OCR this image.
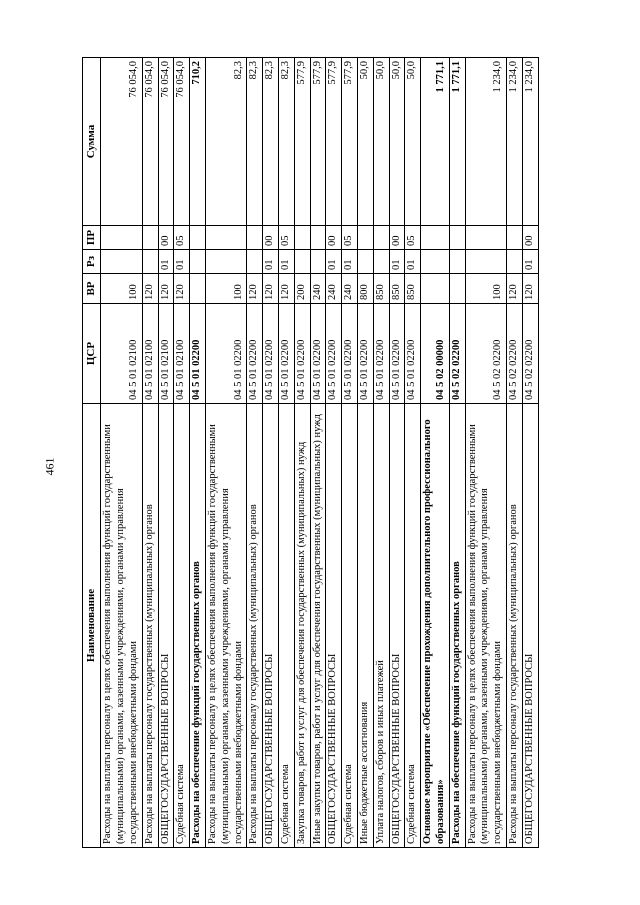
461
Наименование	ЦСР	ВР	Рз	ПР	Сумма
Расходы на выплаты персоналу в целях обеспечения выполнения функций государственными (муниципальными) органами, казенными учреждениями, органами управления государственными внебюджетными фондами	04 5 01 02100	100			76 054,0
Расходы на выплаты персоналу государственных (муниципальных) органов	04 5 01 02100	120			76 054,0
ОБЩЕГОСУДАРСТВЕННЫЕ ВОПРОСЫ	04 5 01 02100	120	01	00	76 054,0
Судебная система	04 5 01 02100	120	01	05	76 054,0
Расходы на обеспечение функций государственных органов	04 5 01 02200				710,2
Расходы на выплаты персоналу в целях обеспечения выполнения функций государственными (муниципальными) органами, казенными учреждениями, органами управления государственными внебюджетными фондами	04 5 01 02200	100			82,3
Расходы на выплаты персоналу государственных (муниципальных) органов	04 5 01 02200	120			82,3
ОБЩЕГОСУДАРСТВЕННЫЕ ВОПРОСЫ	04 5 01 02200	120	01	00	82,3
Судебная система	04 5 01 02200	120	01	05	82,3
Закупка товаров, работ и услуг для обеспечения государственных (муниципальных) нужд	04 5 01 02200	200			577,9
Иные закупки товаров, работ и услуг для обеспечения государственных (муниципальных) нужд	04 5 01 02200	240			577,9
ОБЩЕГОСУДАРСТВЕННЫЕ ВОПРОСЫ	04 5 01 02200	240	01	00	577,9
Судебная система	04 5 01 02200	240	01	05	577,9
Иные бюджетные ассигнования	04 5 01 02200	800			50,0
Уплата налогов, сборов и иных платежей	04 5 01 02200	850			50,0
ОБЩЕГОСУДАРСТВЕННЫЕ ВОПРОСЫ	04 5 01 02200	850	01	00	50,0
Судебная система	04 5 01 02200	850	01	05	50,0
Основное мероприятие «Обеспечение прохождения дополнительного профессионального образования»	04 5 02 00000				1 771,1
Расходы на обеспечение функций государственных органов	04 5 02 02200				1 771,1
Расходы на выплаты персоналу в целях обеспечения выполнения функций государственными (муниципальными) органами, казенными учреждениями, органами управления государственными внебюджетными фондами	04 5 02 02200	100			1 234,0
Расходы на выплаты персоналу государственных (муниципальных) органов	04 5 02 02200	120			1 234,0
ОБЩЕГОСУДАРСТВЕННЫЕ ВОПРОСЫ	04 5 02 02200	120	01	00	1 234,0
